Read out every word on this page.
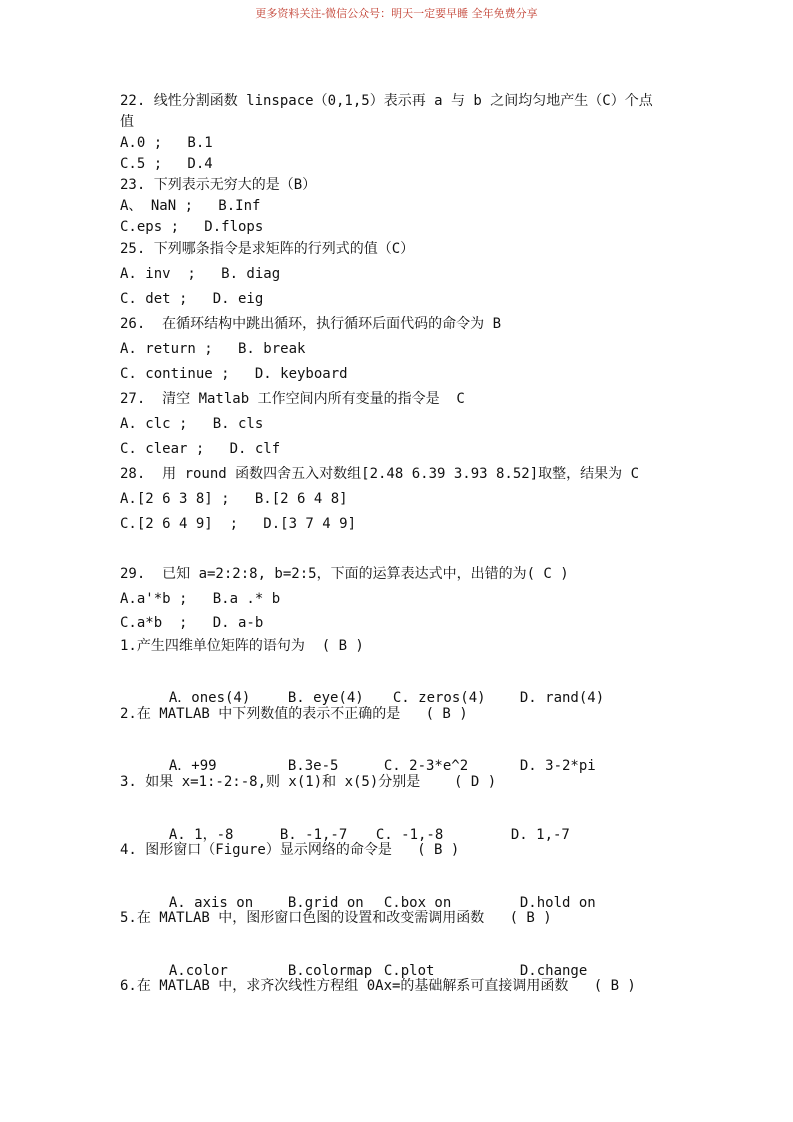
更多资料关注-微信公众号：明天一定要早睡 全年免费分享
22. 线性分割函数 linspace（0,1,5）表示再 a 与 b 之间均匀地产生（C）个点
值
A.0 ;   B.1
C.5 ;   D.4
23. 下列表示无穷大的是（B）
A、 NaN ;   B.Inf
C.eps ;   D.flops
25. 下列哪条指令是求矩阵的行列式的值（C）
A. inv  ;   B. diag
C. det ;   D. eig
26.  在循环结构中跳出循环，执行循环后面代码的命令为 B
A. return ;   B. break
C. continue ;   D. keyboard
27.  清空 Matlab 工作空间内所有变量的指令是  C
A. clc ;   B. cls
C. clear ;   D. clf
28.  用 round 函数四舍五入对数组[2.48 6.39 3.93 8.52]取整，结果为 C
A.[2 6 3 8] ;   B.[2 6 4 8]
C.[2 6 4 9]  ;   D.[3 7 4 9]
29.  已知 a=2:2:8, b=2:5，下面的运算表达式中，出错的为( C )
A.a'*b ;   B.a .* b
C.a*b  ;   D. a-b
1.产生四维单位矩阵的语句为  ( B )

A．ones(4)	B. eye(4) C. zeros(4) D. rand(4)

2.在 MATLAB 中下列数值的表示不正确的是   ( B )

A．+99	B.3e-5	C. 2-3*e^2	D. 3-2*pi

3. 如果 x=1:-2:-8,则 x(1)和 x(5)分别是    ( D )

A. 1，-8	B. -1,-7 C. -1,-8	D. 1,-7

4. 图形窗口（Figure）显示网络的命令是   ( B )

A. axis on B.grid on C.box on	D.hold on

5.在 MATLAB 中，图形窗口色图的设置和改变需调用函数   ( B )

A.color	B.colormap C.plot	D.change

6.在 MATLAB 中，求齐次线性方程组 0Ax=的基础解系可直接调用函数   ( B )
